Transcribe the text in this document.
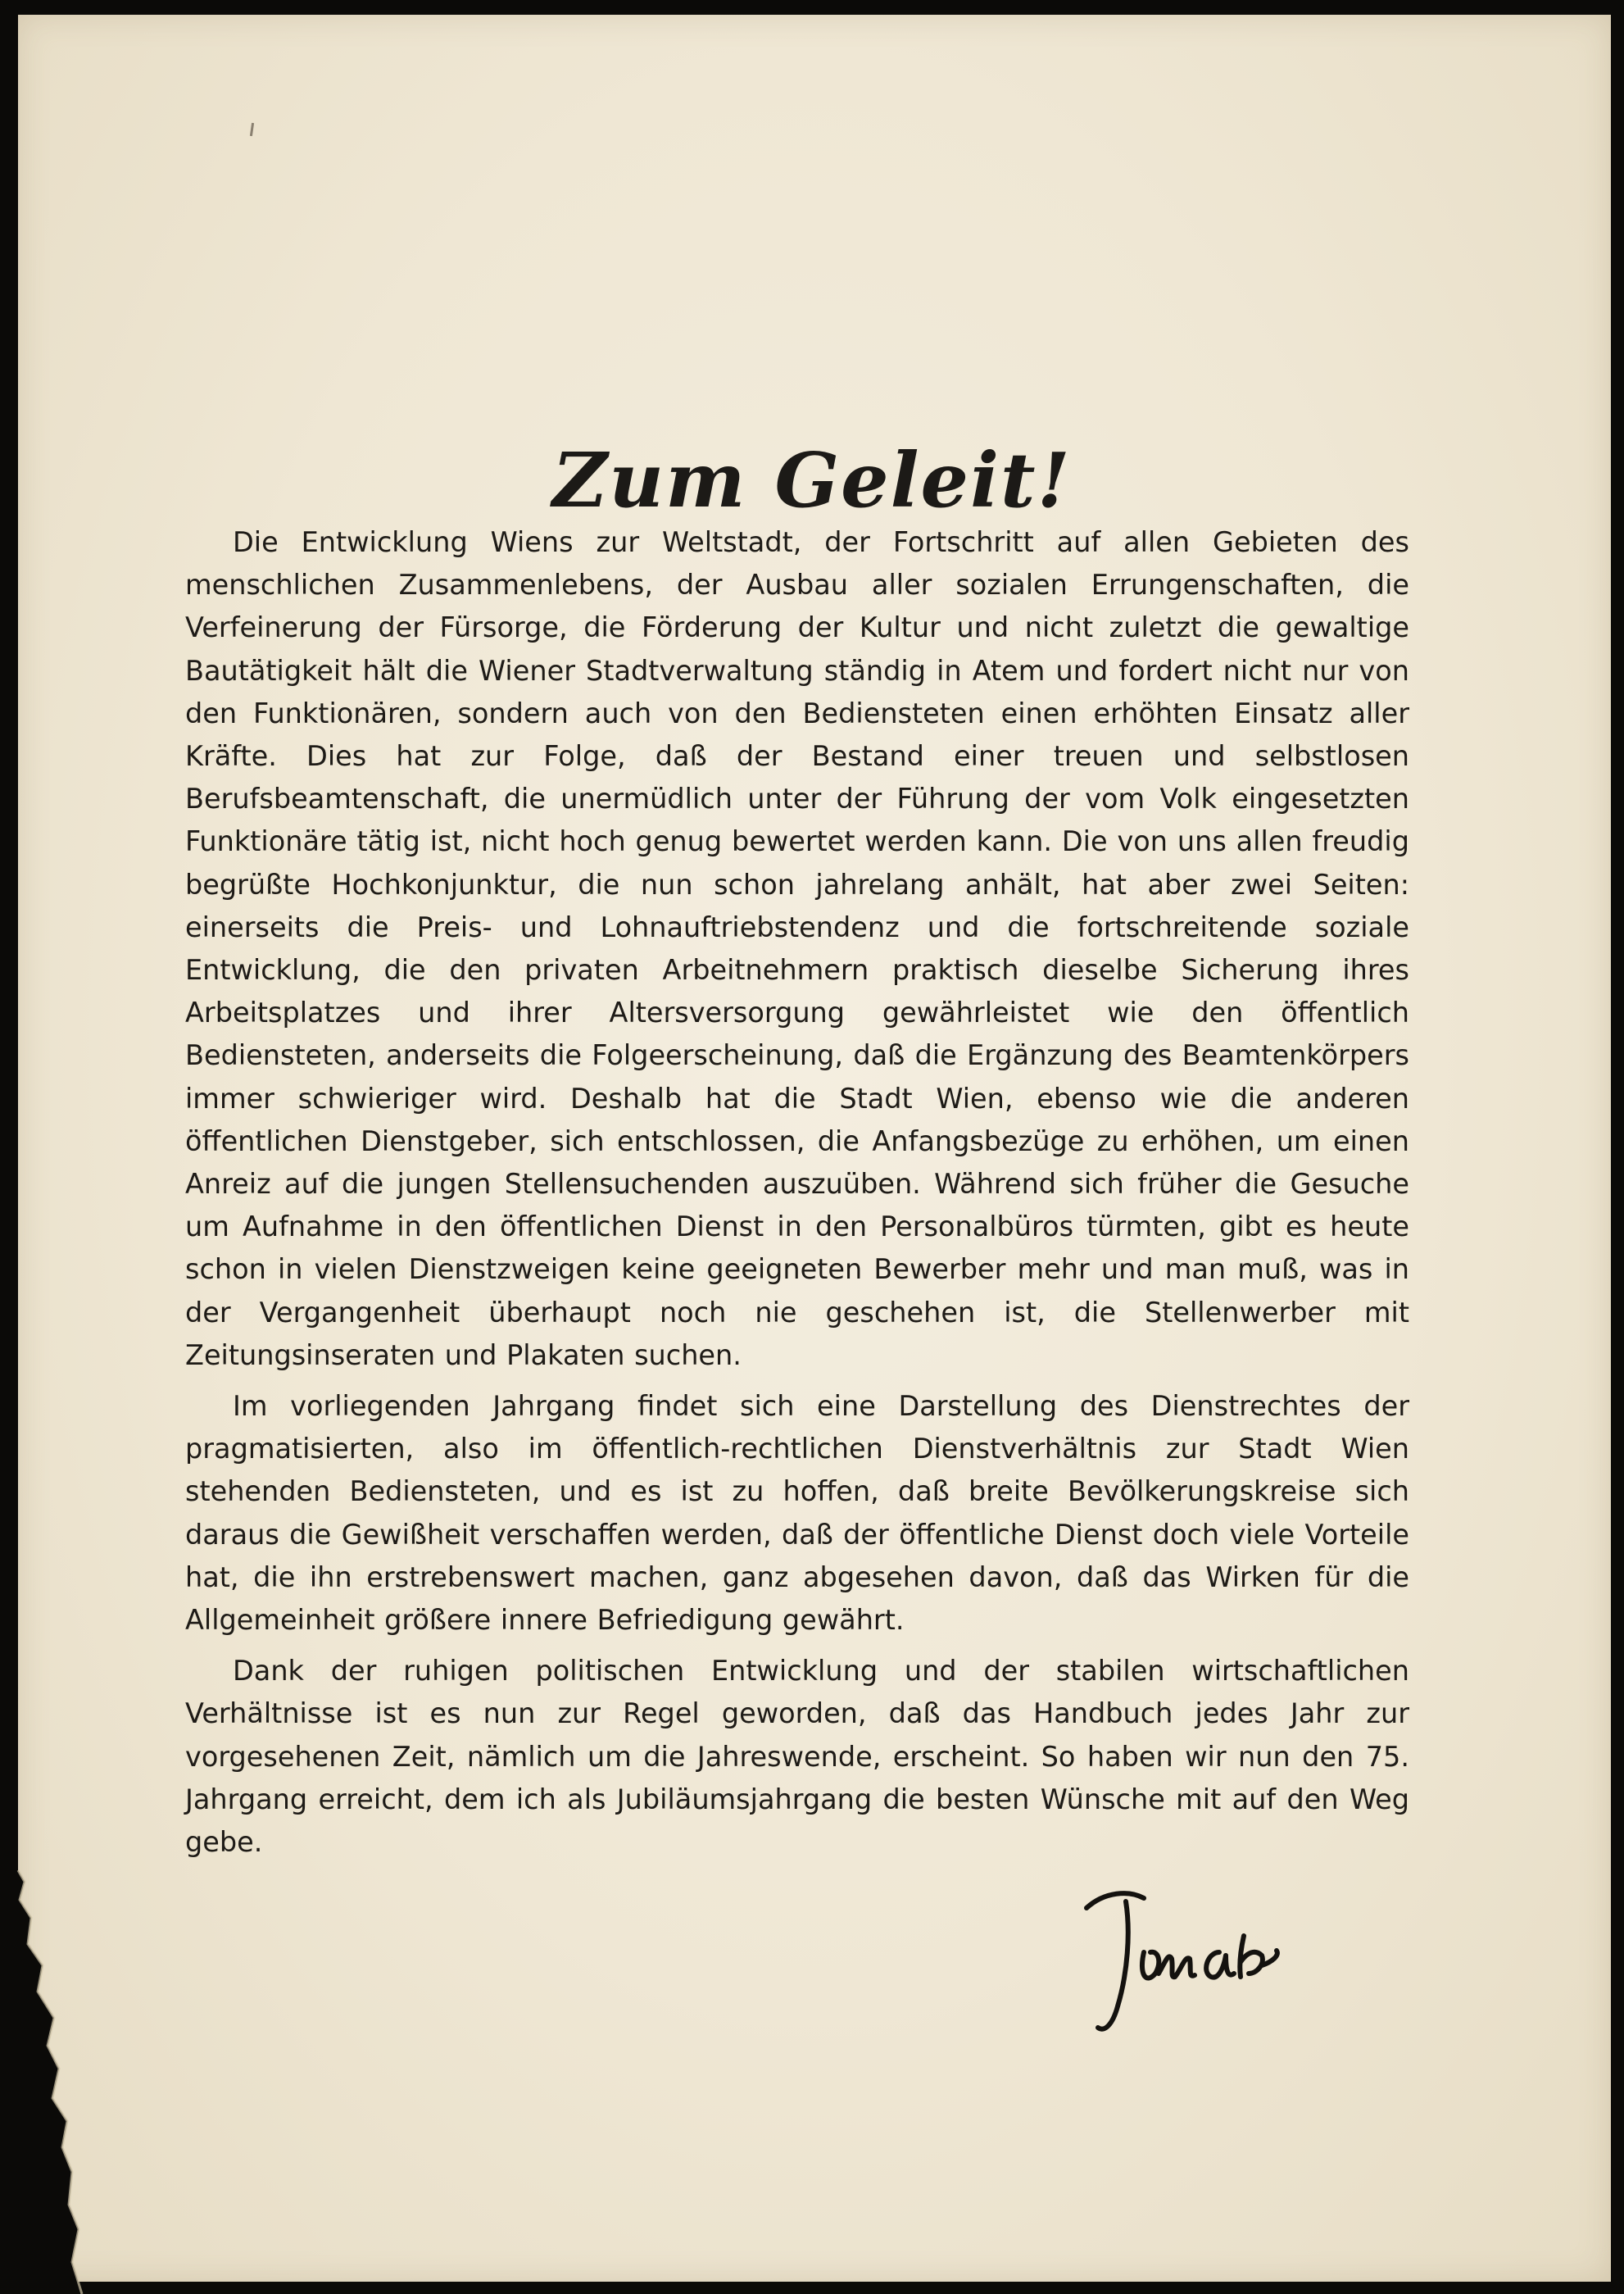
Zum Geleit!

Die Entwicklung Wiens zur Weltstadt, der Fortschritt auf allen Gebieten des menschlichen Zusammenlebens, der Ausbau aller sozialen Errungenschaften, die Verfeinerung der Fürsorge, die Förderung der Kultur und nicht zuletzt die gewaltige Bautätigkeit hält die Wiener Stadtverwaltung ständig in Atem und fordert nicht nur von den Funktionären, sondern auch von den Bediensteten einen erhöhten Einsatz aller Kräfte. Dies hat zur Folge, daß der Bestand einer treuen und selbstlosen Berufsbeamtenschaft, die unermüdlich unter der Führung der vom Volk eingesetzten Funktionäre tätig ist, nicht hoch genug bewertet werden kann. Die von uns allen freudig begrüßte Hochkonjunktur, die nun schon jahrelang anhält, hat aber zwei Seiten: einerseits die Preis- und Lohnauftriebstendenz und die fortschreitende soziale Entwicklung, die den privaten Arbeitnehmern praktisch dieselbe Sicherung ihres Arbeitsplatzes und ihrer Altersversorgung gewährleistet wie den öffentlich Bediensteten, anderseits die Folgeerscheinung, daß die Ergänzung des Beamtenkörpers immer schwieriger wird. Deshalb hat die Stadt Wien, ebenso wie die anderen öffentlichen Dienstgeber, sich entschlossen, die Anfangsbezüge zu erhöhen, um einen Anreiz auf die jungen Stellensuchenden auszuüben. Während sich früher die Gesuche um Aufnahme in den öffentlichen Dienst in den Personalbüros türmten, gibt es heute schon in vielen Dienstzweigen keine geeigneten Bewerber mehr und man muß, was in der Vergangenheit überhaupt noch nie geschehen ist, die Stellenwerber mit Zeitungsinseraten und Plakaten suchen.

Im vorliegenden Jahrgang findet sich eine Darstellung des Dienstrechtes der pragmatisierten, also im öffentlich-rechtlichen Dienstverhältnis zur Stadt Wien stehenden Bediensteten, und es ist zu hoffen, daß breite Bevölkerungskreise sich daraus die Gewißheit verschaffen werden, daß der öffentliche Dienst doch viele Vorteile hat, die ihn erstrebenswert machen, ganz abgesehen davon, daß das Wirken für die Allgemeinheit größere innere Befriedigung gewährt.

Dank der ruhigen politischen Entwicklung und der stabilen wirtschaftlichen Verhältnisse ist es nun zur Regel geworden, daß das Handbuch jedes Jahr zur vorgesehenen Zeit, nämlich um die Jahreswende, erscheint. So haben wir nun den 75. Jahrgang erreicht, dem ich als Jubiläumsjahrgang die besten Wünsche mit auf den Weg gebe.
